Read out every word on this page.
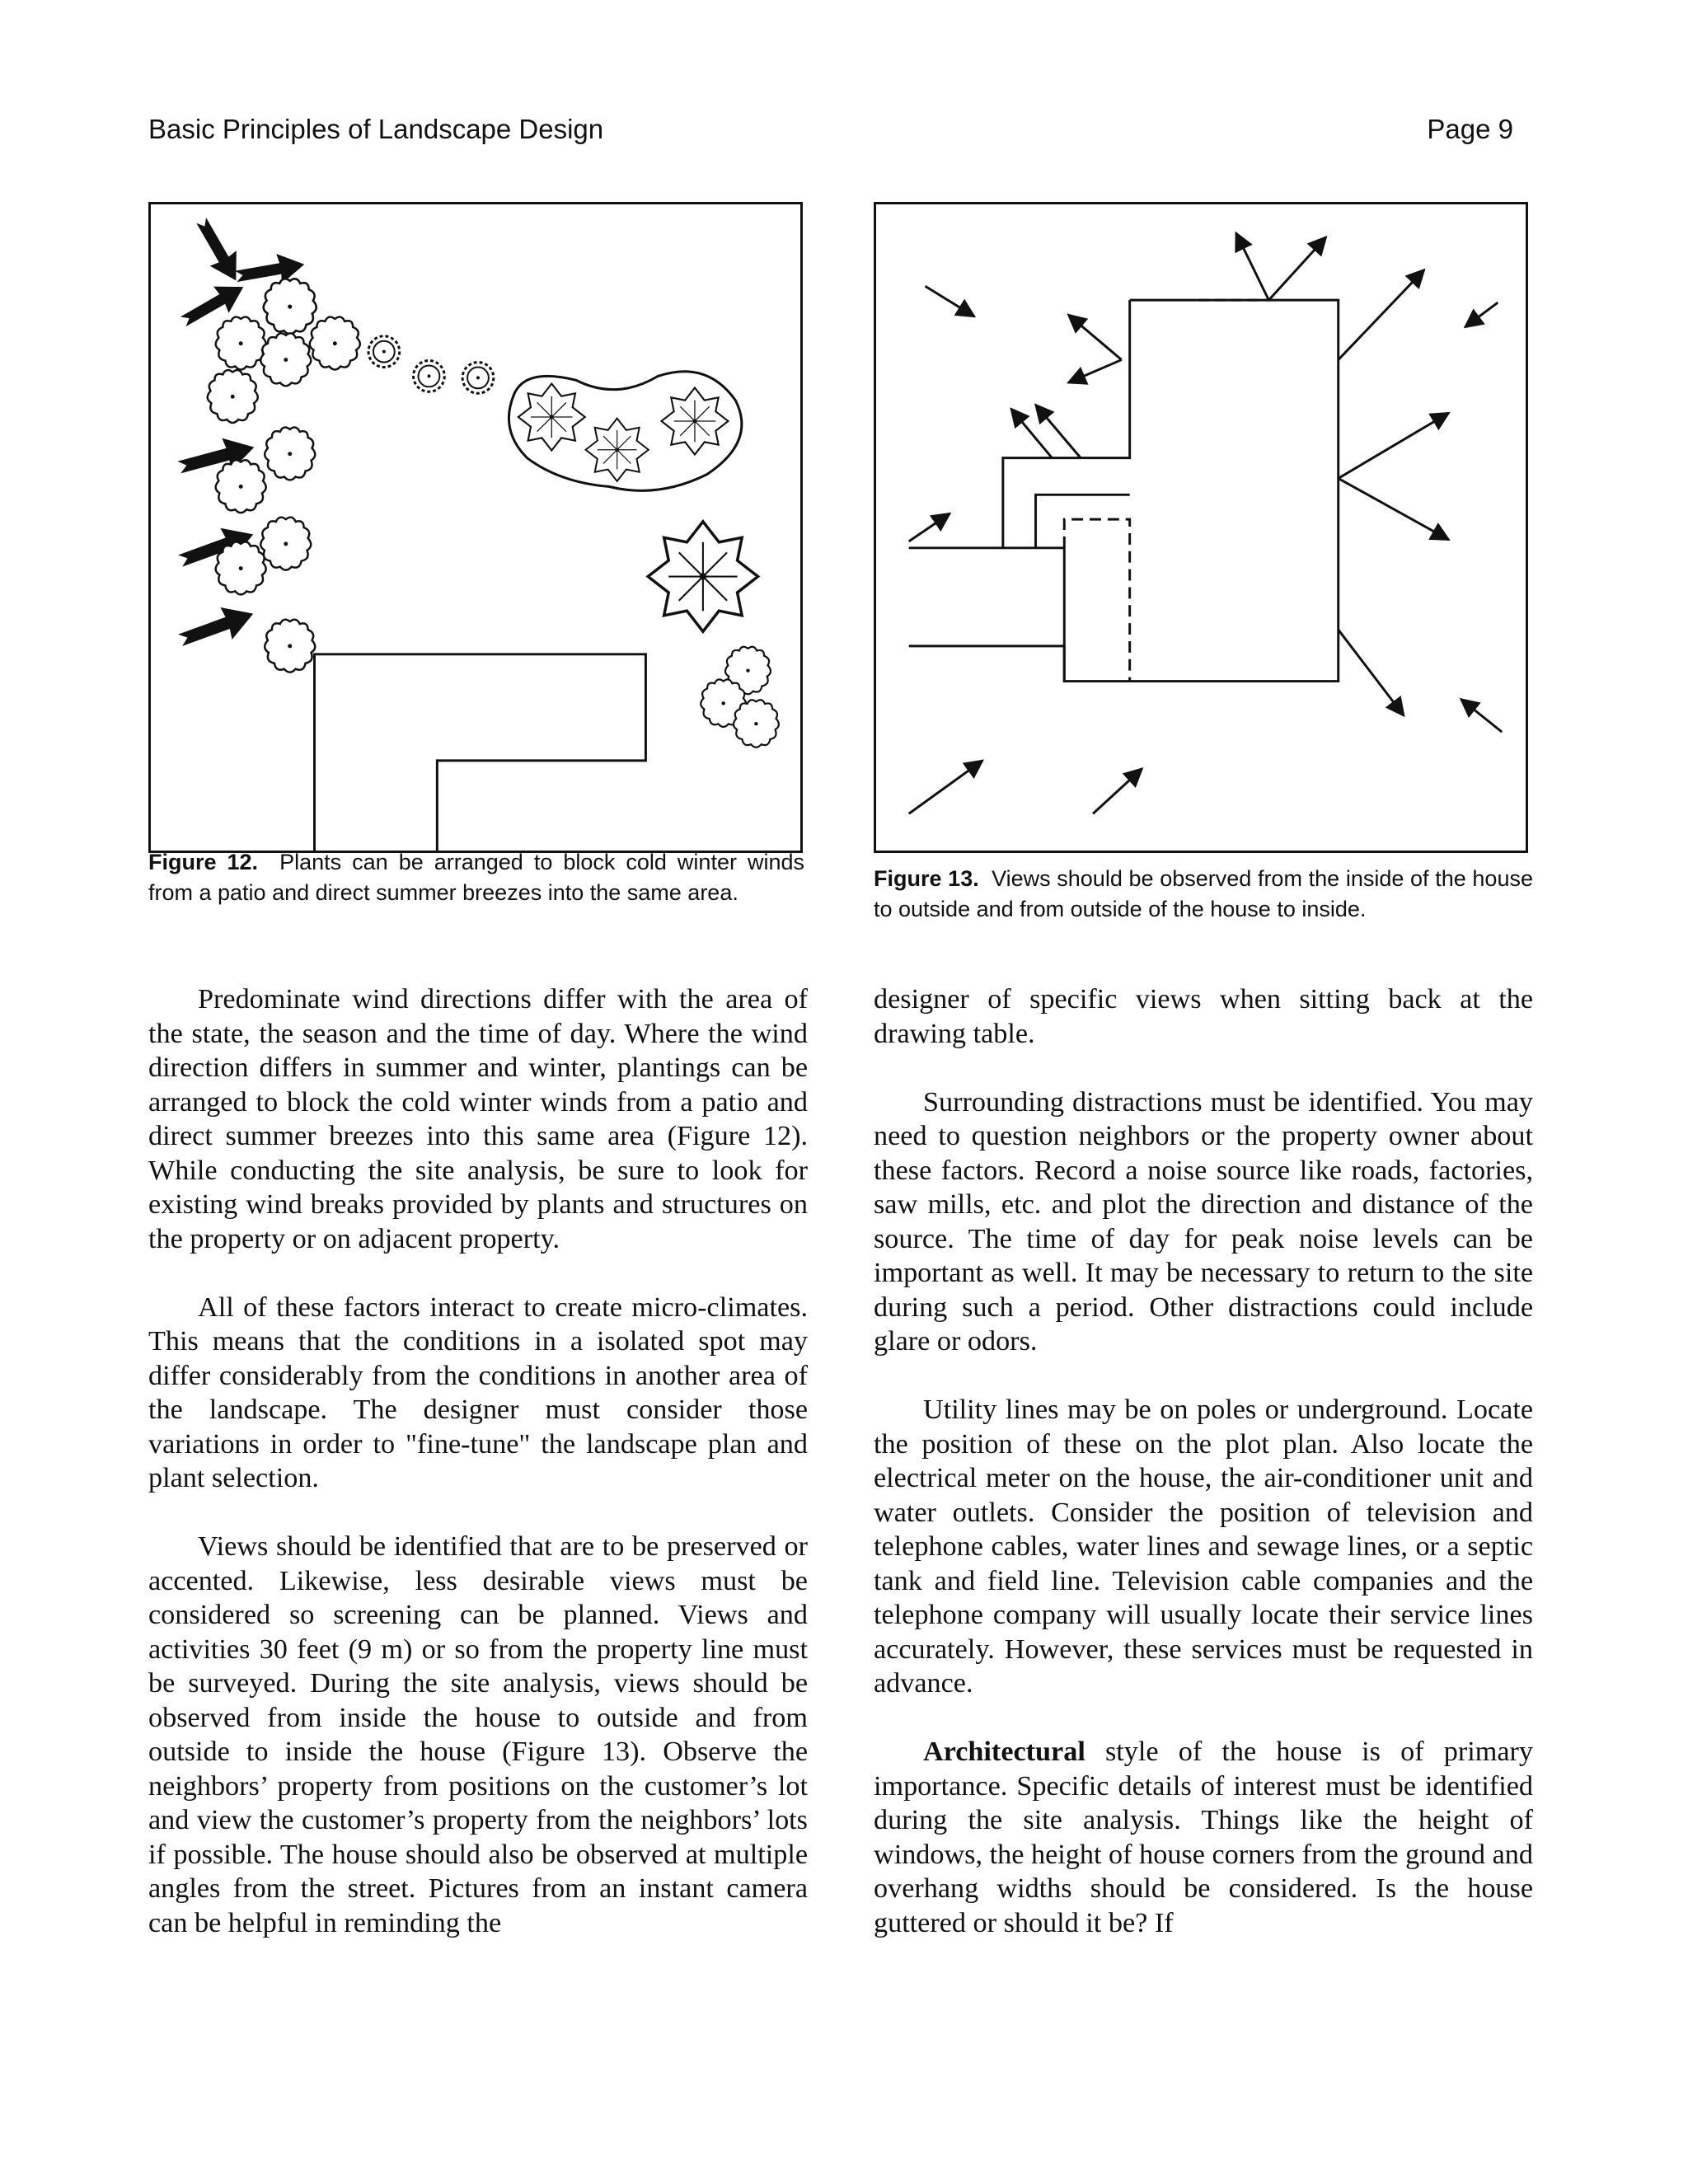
Basic Principles of Landscape Design	Page 9
Figure 12. Plants can be arranged to block cold winter winds from a patio and direct summer breezes into the same area.
Figure 13. Views should be observed from the inside of the house to outside and from outside of the house to inside.

Predominate wind directions differ with the area of the state, the season and the time of day. Where the wind direction differs in summer and winter, plantings can be arranged to block the cold winter winds from a patio and direct summer breezes into this same area (Figure 12). While conducting the site analysis, be sure to look for existing wind breaks provided by plants and structures on the property or on adjacent property.

All of these factors interact to create micro-climates. This means that the conditions in a isolated spot may differ considerably from the conditions in another area of the landscape. The designer must consider those variations in order to "fine-tune" the landscape plan and plant selection.

Views should be identified that are to be preserved or accented. Likewise, less desirable views must be considered so screening can be planned. Views and activities 30 feet (9 m) or so from the property line must be surveyed. During the site analysis, views should be observed from inside the house to outside and from outside to inside the house (Figure 13). Observe the neighbors’ property from positions on the customer’s lot and view the customer’s property from the neighbors’ lots if possible. The house should also be observed at multiple angles from the street. Pictures from an instant camera can be helpful in reminding the

designer of specific views when sitting back at the drawing table.

Surrounding distractions must be identified. You may need to question neighbors or the property owner about these factors. Record a noise source like roads, factories, saw mills, etc. and plot the direction and distance of the source. The time of day for peak noise levels can be important as well. It may be necessary to return to the site during such a period. Other distractions could include glare or odors.

Utility lines may be on poles or underground. Locate the position of these on the plot plan. Also locate the electrical meter on the house, the air-conditioner unit and water outlets. Consider the position of television and telephone cables, water lines and sewage lines, or a septic tank and field line. Television cable companies and the telephone company will usually locate their service lines accurately. However, these services must be requested in advance.

Architectural style of the house is of primary importance. Specific details of interest must be identified during the site analysis. Things like the height of windows, the height of house corners from the ground and overhang widths should be considered. Is the house guttered or should it be? If
